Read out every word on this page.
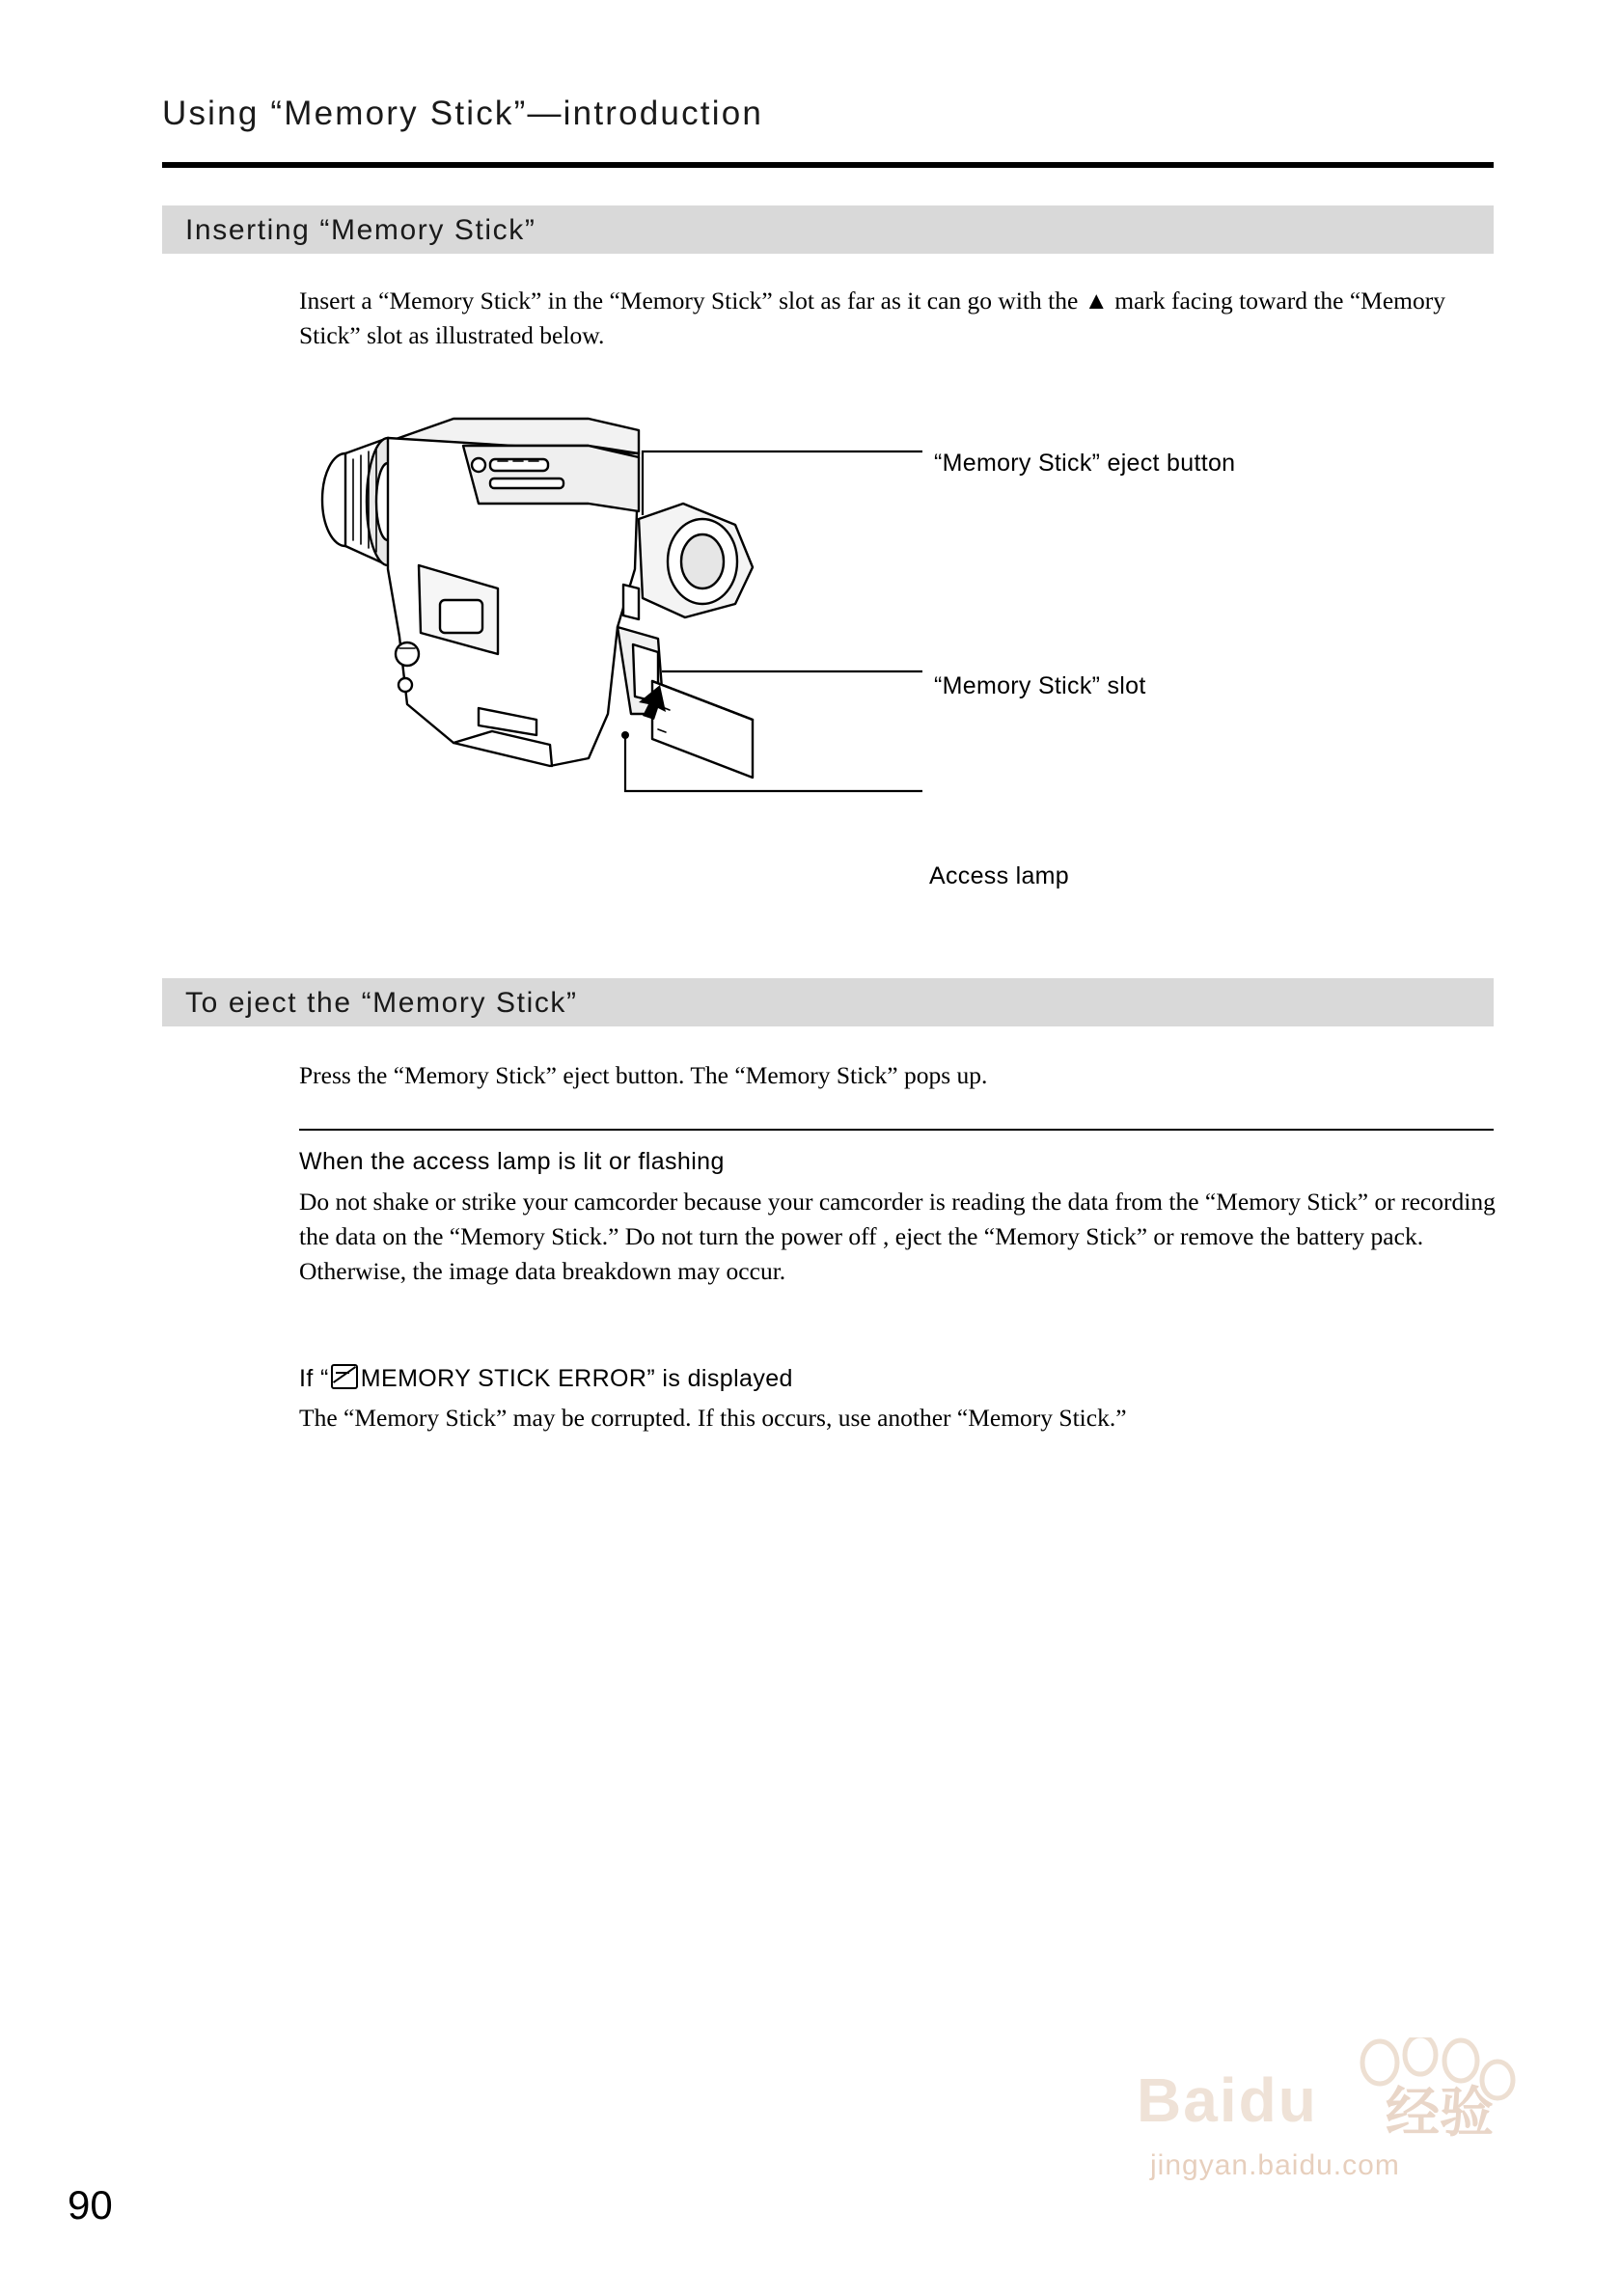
Using “Memory Stick”—introduction
Inserting “Memory Stick”
Insert a “Memory Stick” in the “Memory Stick” slot as far as it can go with the ▲ mark facing toward the “Memory Stick” slot as illustrated below.
“Memory Stick” eject button
“Memory Stick” slot
Access lamp
To eject the “Memory Stick”
Press the “Memory Stick” eject button. The “Memory Stick” pops up.
When the access lamp is lit or flashing
Do not shake or strike your camcorder because your camcorder is reading the data from the “Memory Stick” or recording the data on the “Memory Stick.” Do not turn the power off , eject the “Memory Stick” or remove the battery pack. Otherwise, the image data breakdown may occur.
If “ MEMORY STICK ERROR” is displayed
The “Memory Stick” may be corrupted. If this occurs, use another “Memory Stick.”
90
Baidu 经验
jingyan.baidu.com
